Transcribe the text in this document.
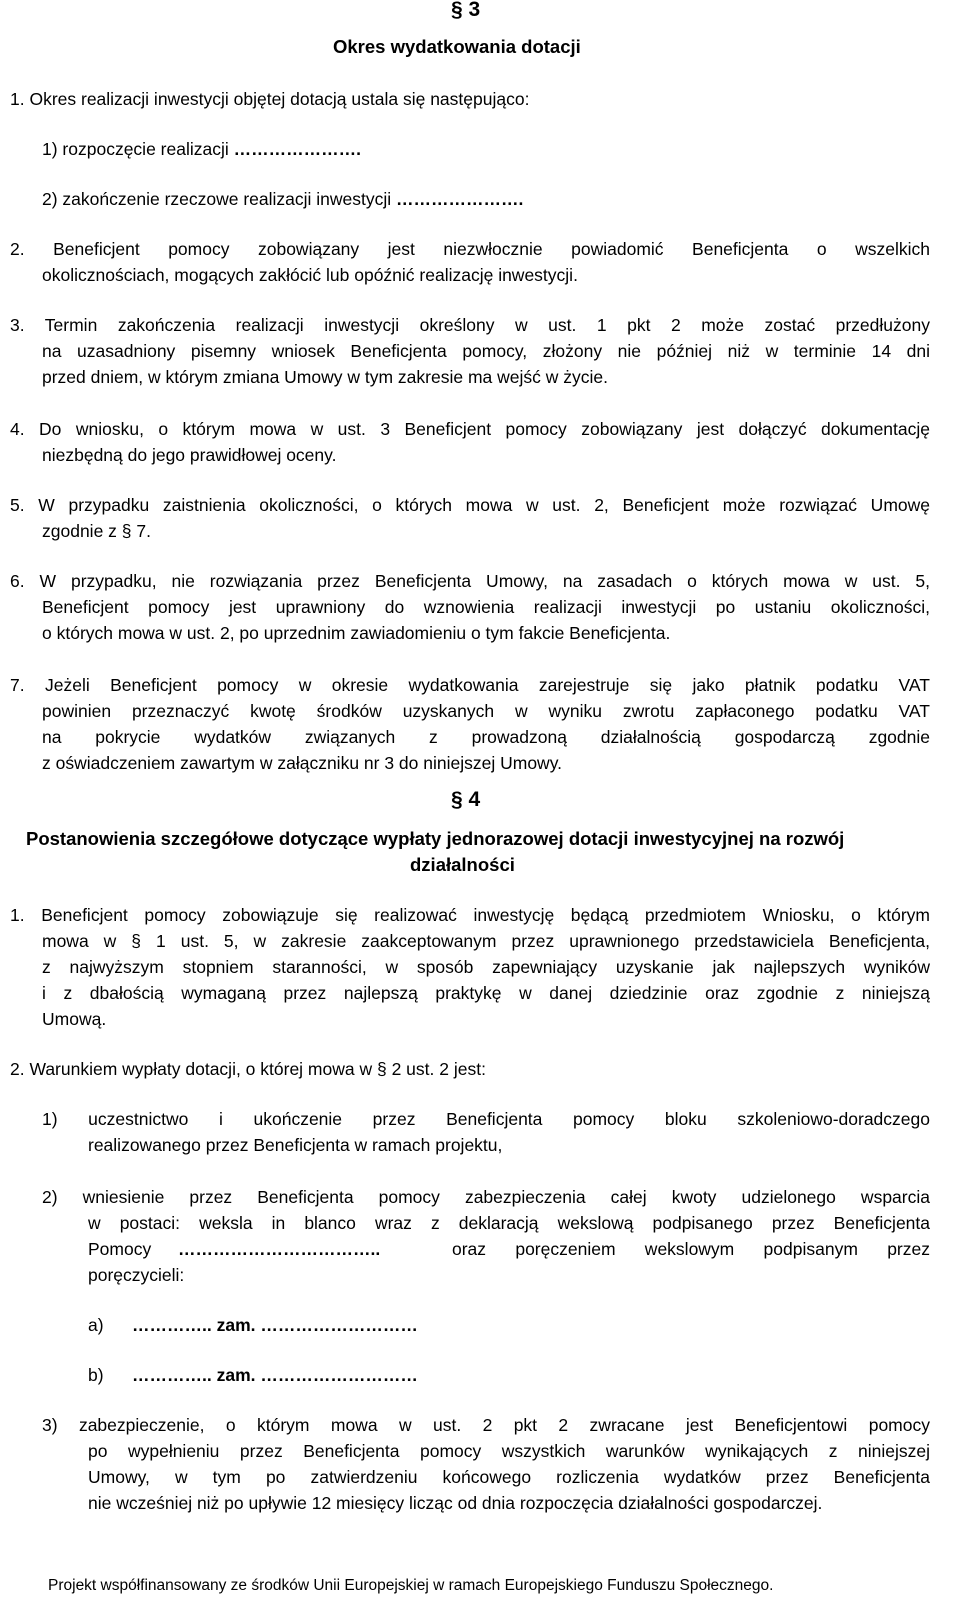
§ 3
Okres wydatkowania dotacji
1. Okres realizacji inwestycji objętej dotacją ustala się następująco:
1) rozpoczęcie realizacji ………………….
2) zakończenie rzeczowe realizacji inwestycji ………………….
2. Beneficjent pomocy zobowiązany jest niezwłocznie powiadomić Beneficjenta o wszelkich
okolicznościach, mogących zakłócić lub opóźnić realizację inwestycji.
3. Termin zakończenia realizacji inwestycji określony w ust. 1 pkt 2 może zostać przedłużony
na uzasadniony pisemny wniosek Beneficjenta pomocy, złożony nie później niż w terminie 14 dni
przed dniem, w którym zmiana Umowy w tym zakresie ma wejść w życie.
4. Do wniosku, o którym mowa w ust. 3 Beneficjent pomocy zobowiązany jest dołączyć dokumentację
niezbędną do jego prawidłowej oceny.
5. W przypadku zaistnienia okoliczności, o których mowa w ust. 2, Beneficjent może rozwiązać Umowę
zgodnie z § 7.
6. W przypadku, nie rozwiązania przez Beneficjenta Umowy, na zasadach o których mowa w ust. 5,
Beneficjent pomocy jest uprawniony do wznowienia realizacji inwestycji po ustaniu okoliczności,
o których mowa w ust. 2, po uprzednim zawiadomieniu o tym fakcie Beneficjenta.
7. Jeżeli Beneficjent pomocy w okresie wydatkowania zarejestruje się jako płatnik podatku VAT
powinien przeznaczyć kwotę środków uzyskanych w wyniku zwrotu zapłaconego podatku VAT
na pokrycie wydatków związanych z prowadzoną działalnością gospodarczą zgodnie
z oświadczeniem zawartym w załączniku nr 3 do niniejszej Umowy.
§ 4
Postanowienia szczegółowe dotyczące wypłaty jednorazowej dotacji inwestycyjnej na rozwój
działalności
1. Beneficjent pomocy zobowiązuje się realizować inwestycję będącą przedmiotem Wniosku, o którym
mowa w § 1 ust. 5, w zakresie zaakceptowanym przez uprawnionego przedstawiciela Beneficjenta,
z najwyższym stopniem staranności, w sposób zapewniający uzyskanie jak najlepszych wyników
i z dbałością wymaganą przez najlepszą praktykę w danej dziedzinie oraz zgodnie z niniejszą
Umową.
2. Warunkiem wypłaty dotacji, o której mowa w § 2 ust. 2 jest:
1) uczestnictwo i ukończenie przez Beneficjenta pomocy bloku szkoleniowo-doradczego
realizowanego przez Beneficjenta w ramach projektu,
2) wniesienie przez Beneficjenta pomocy zabezpieczenia całej kwoty udzielonego wsparcia
w postaci: weksla in blanco wraz z deklaracją wekslową podpisanego przez Beneficjenta
Pomocy ……………………………..	oraz poręczeniem wekslowym podpisanym przez
poręczycieli:
a) ………….. zam. ………………………
b) ………….. zam. ………………………
3) zabezpieczenie, o którym mowa w ust. 2 pkt 2 zwracane jest Beneficjentowi pomocy
po wypełnieniu przez Beneficjenta pomocy wszystkich warunków wynikających z niniejszej
Umowy, w tym po zatwierdzeniu końcowego rozliczenia wydatków przez Beneficjenta
nie wcześniej niż po upływie 12 miesięcy licząc od dnia rozpoczęcia działalności gospodarczej.
Projekt współfinansowany ze środków Unii Europejskiej w ramach Europejskiego Funduszu Społecznego.
